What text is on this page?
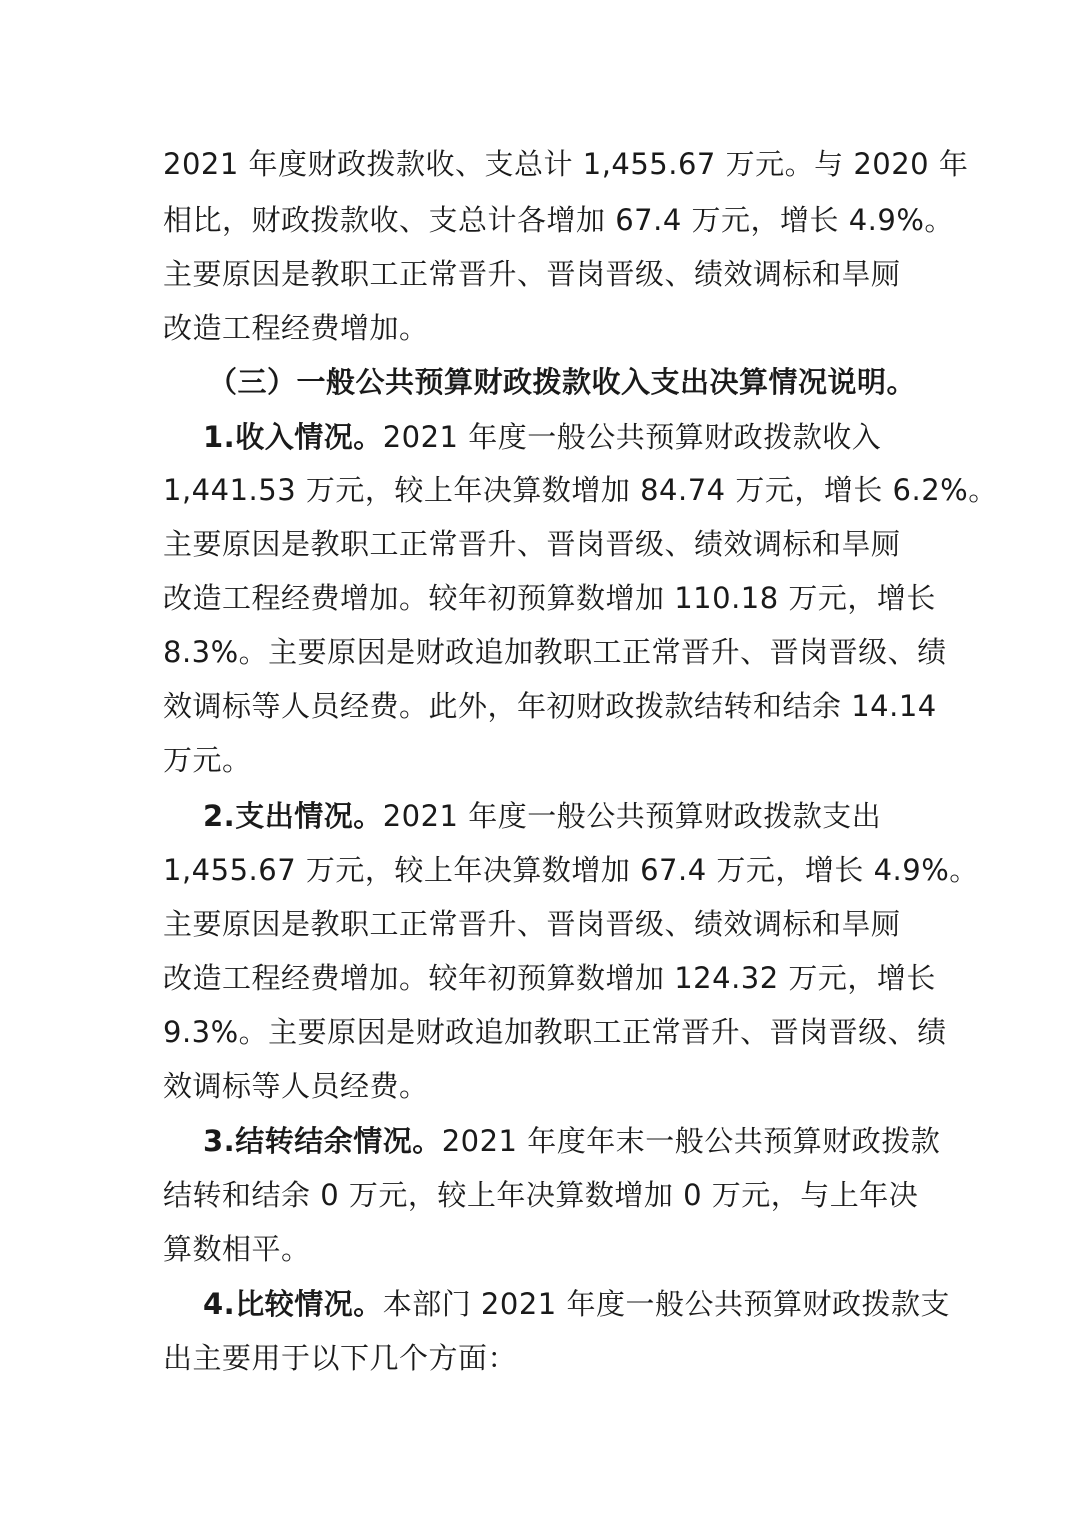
2021 年度财政拨款收、支总计 1,455.67 万元。与 2020 年
相比，财政拨款收、支总计各增加 67.4 万元，增长 4.9%。
主要原因是教职工正常晋升、晋岗晋级、绩效调标和旱厕
改造工程经费增加。
（三）一般公共预算财政拨款收入支出决算情况说明。
1.收入情况。2021 年度一般公共预算财政拨款收入
1,441.53 万元，较上年决算数增加 84.74 万元，增长 6.2%。
主要原因是教职工正常晋升、晋岗晋级、绩效调标和旱厕
改造工程经费增加。较年初预算数增加 110.18 万元，增长
8.3%。主要原因是财政追加教职工正常晋升、晋岗晋级、绩
效调标等人员经费。此外，年初财政拨款结转和结余 14.14
万元。
2.支出情况。2021 年度一般公共预算财政拨款支出
1,455.67 万元，较上年决算数增加 67.4 万元，增长 4.9%。
主要原因是教职工正常晋升、晋岗晋级、绩效调标和旱厕
改造工程经费增加。较年初预算数增加 124.32 万元，增长
9.3%。主要原因是财政追加教职工正常晋升、晋岗晋级、绩
效调标等人员经费。
3.结转结余情况。2021 年度年末一般公共预算财政拨款
结转和结余 0 万元，较上年决算数增加 0 万元，与上年决
算数相平。
4.比较情况。本部门 2021 年度一般公共预算财政拨款支
出主要用于以下几个方面：
